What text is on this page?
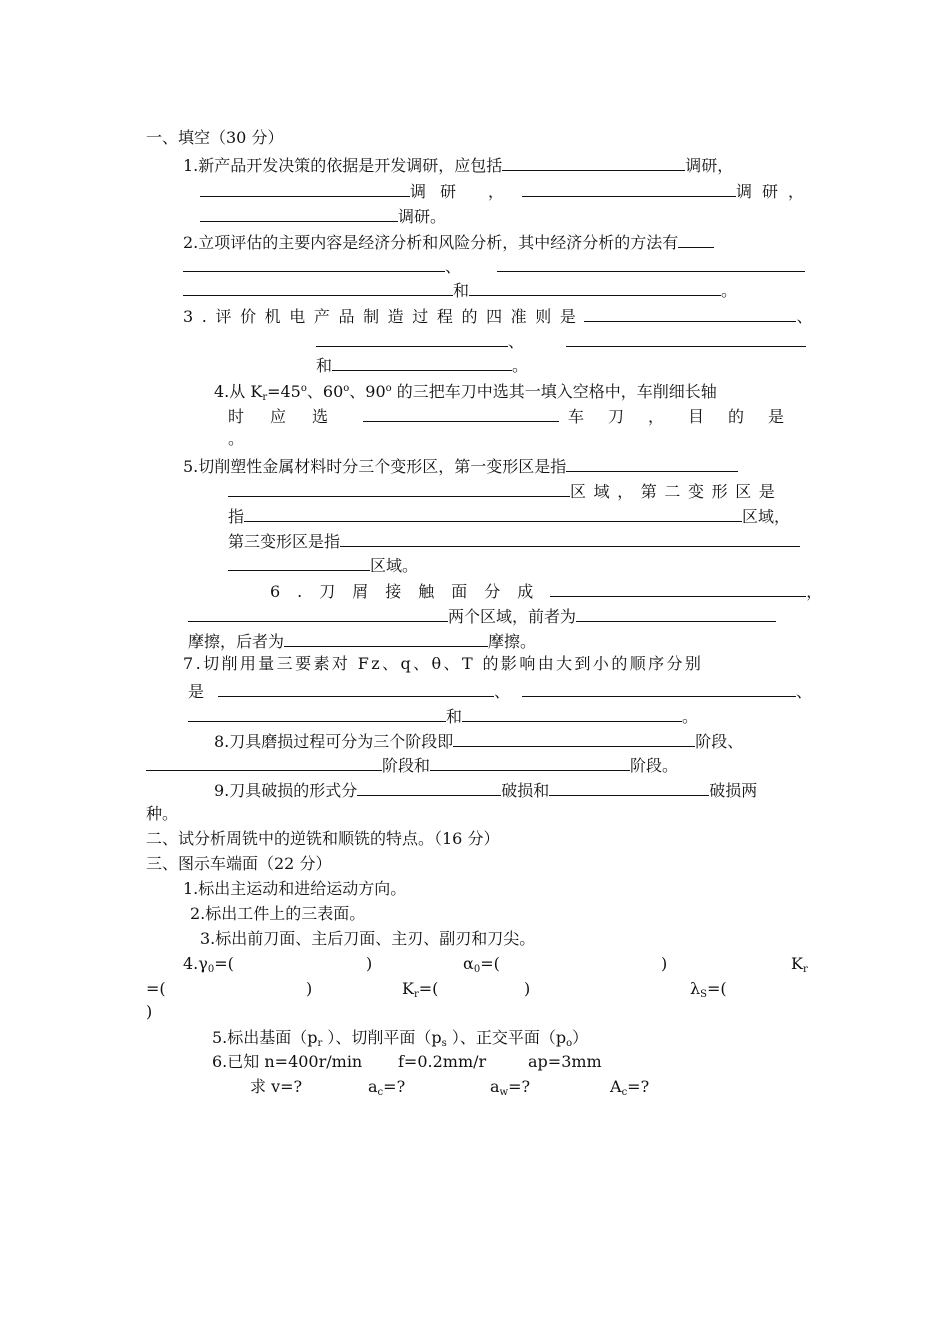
一、填空（30 分）
1.新产品开发决策的依据是开发调研，应包括	调研，
调研 ，	调研，
调研。
2.立项评估的主要内容是经济分析和风险分析，其中经济分析的方法有
、
和	。
3.评价机电产品制造过程的四准则是	、
、
和	。
4.从 $K_r=45^o$、60$^o$、90$^o$ 的三把车刀中选其一填入空格中，车削细长轴
时应选	车刀，目的是
。
5.切削塑性金属材料时分三个变形区，第一变形区是指
区域，第二变形区是
指	区域，
第三变形区是指
区域。
6.刀屑接触面分成	，
两个区域，前者为
摩擦，后者为	摩擦。
7.切削用量三要素对 Fz、q、θ、T 的影响由大到小的顺序分别
是	、	、
和	。
8.刀具磨损过程可分为三个阶段即	阶段、
阶段和	阶段。
9.刀具破损的形式分	破损和	破损两
种。
二、试分析周铣中的逆铣和顺铣的特点。（16 分）
三、图示车端面（22 分）
1.标出主运动和进给运动方向。
2.标出工件上的三表面。
3.标出前刀面、主后刀面、主刃、副刃和刀尖。
$4.\gamma_0=$(	)	$\alpha_0=$(	)	$K_r$
=(	)	$K_r=$(	)	$\lambda_S=$(
)
5.标出基面（$p_r$ ）、切削平面（$p_s$ ）、正交平面$(p_o)$
6.已知 n=400r/min f=0.2mm/r	ap=3mm
求 v=?	$a_c=$?	$a_w=$?	$A_c=$?
